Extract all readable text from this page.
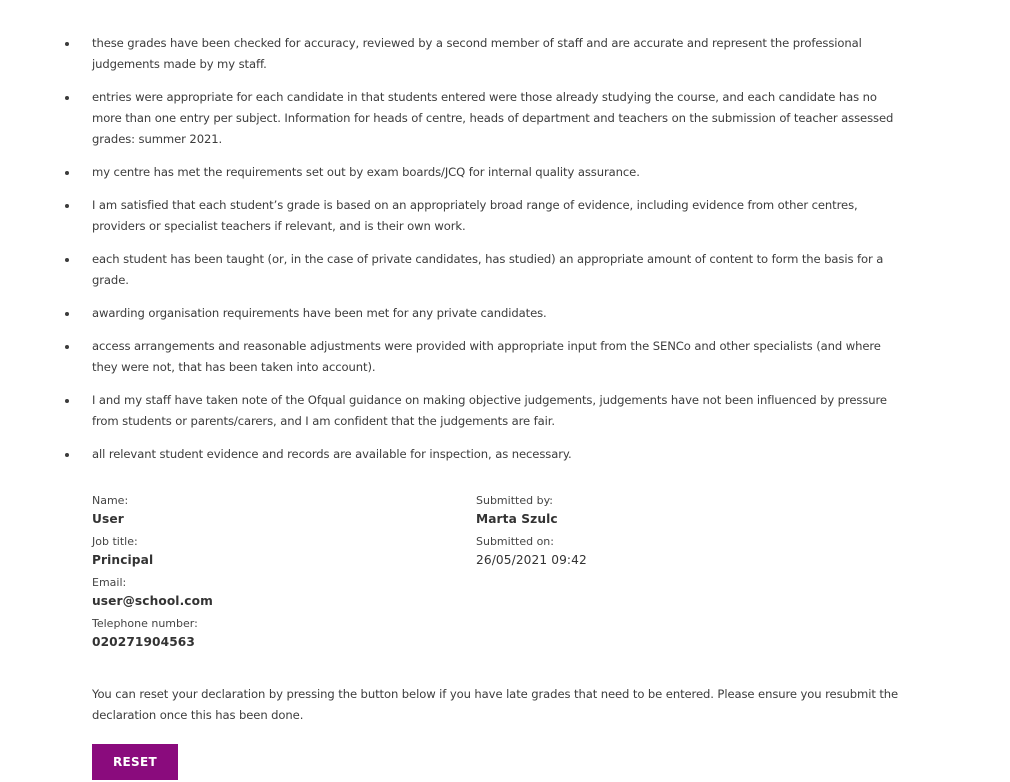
these grades have been checked for accuracy, reviewed by a second member of staff and are accurate and represent the professional judgements made by my staff.
entries were appropriate for each candidate in that students entered were those already studying the course, and each candidate has no more than one entry per subject. Information for heads of centre, heads of department and teachers on the submission of teacher assessed grades: summer 2021.
my centre has met the requirements set out by exam boards/JCQ for internal quality assurance.
I am satisfied that each student’s grade is based on an appropriately broad range of evidence, including evidence from other centres, providers or specialist teachers if relevant, and is their own work.
each student has been taught (or, in the case of private candidates, has studied) an appropriate amount of content to form the basis for a grade.
awarding organisation requirements have been met for any private candidates.
access arrangements and reasonable adjustments were provided with appropriate input from the SENCo and other specialists (and where they were not, that has been taken into account).
I and my staff have taken note of the Ofqual guidance on making objective judgements, judgements have not been influenced by pressure from students or parents/carers, and I am confident that the judgements are fair.
all relevant student evidence and records are available for inspection, as necessary.
Name:
User
Job title:
Principal
Email:
user@school.com
Telephone number:
020271904563
Submitted by:
Marta Szulc
Submitted on:
26/05/2021 09:42

You can reset your declaration by pressing the button below if you have late grades that need to be entered. Please ensure you resubmit the declaration once this has been done.

RESET
